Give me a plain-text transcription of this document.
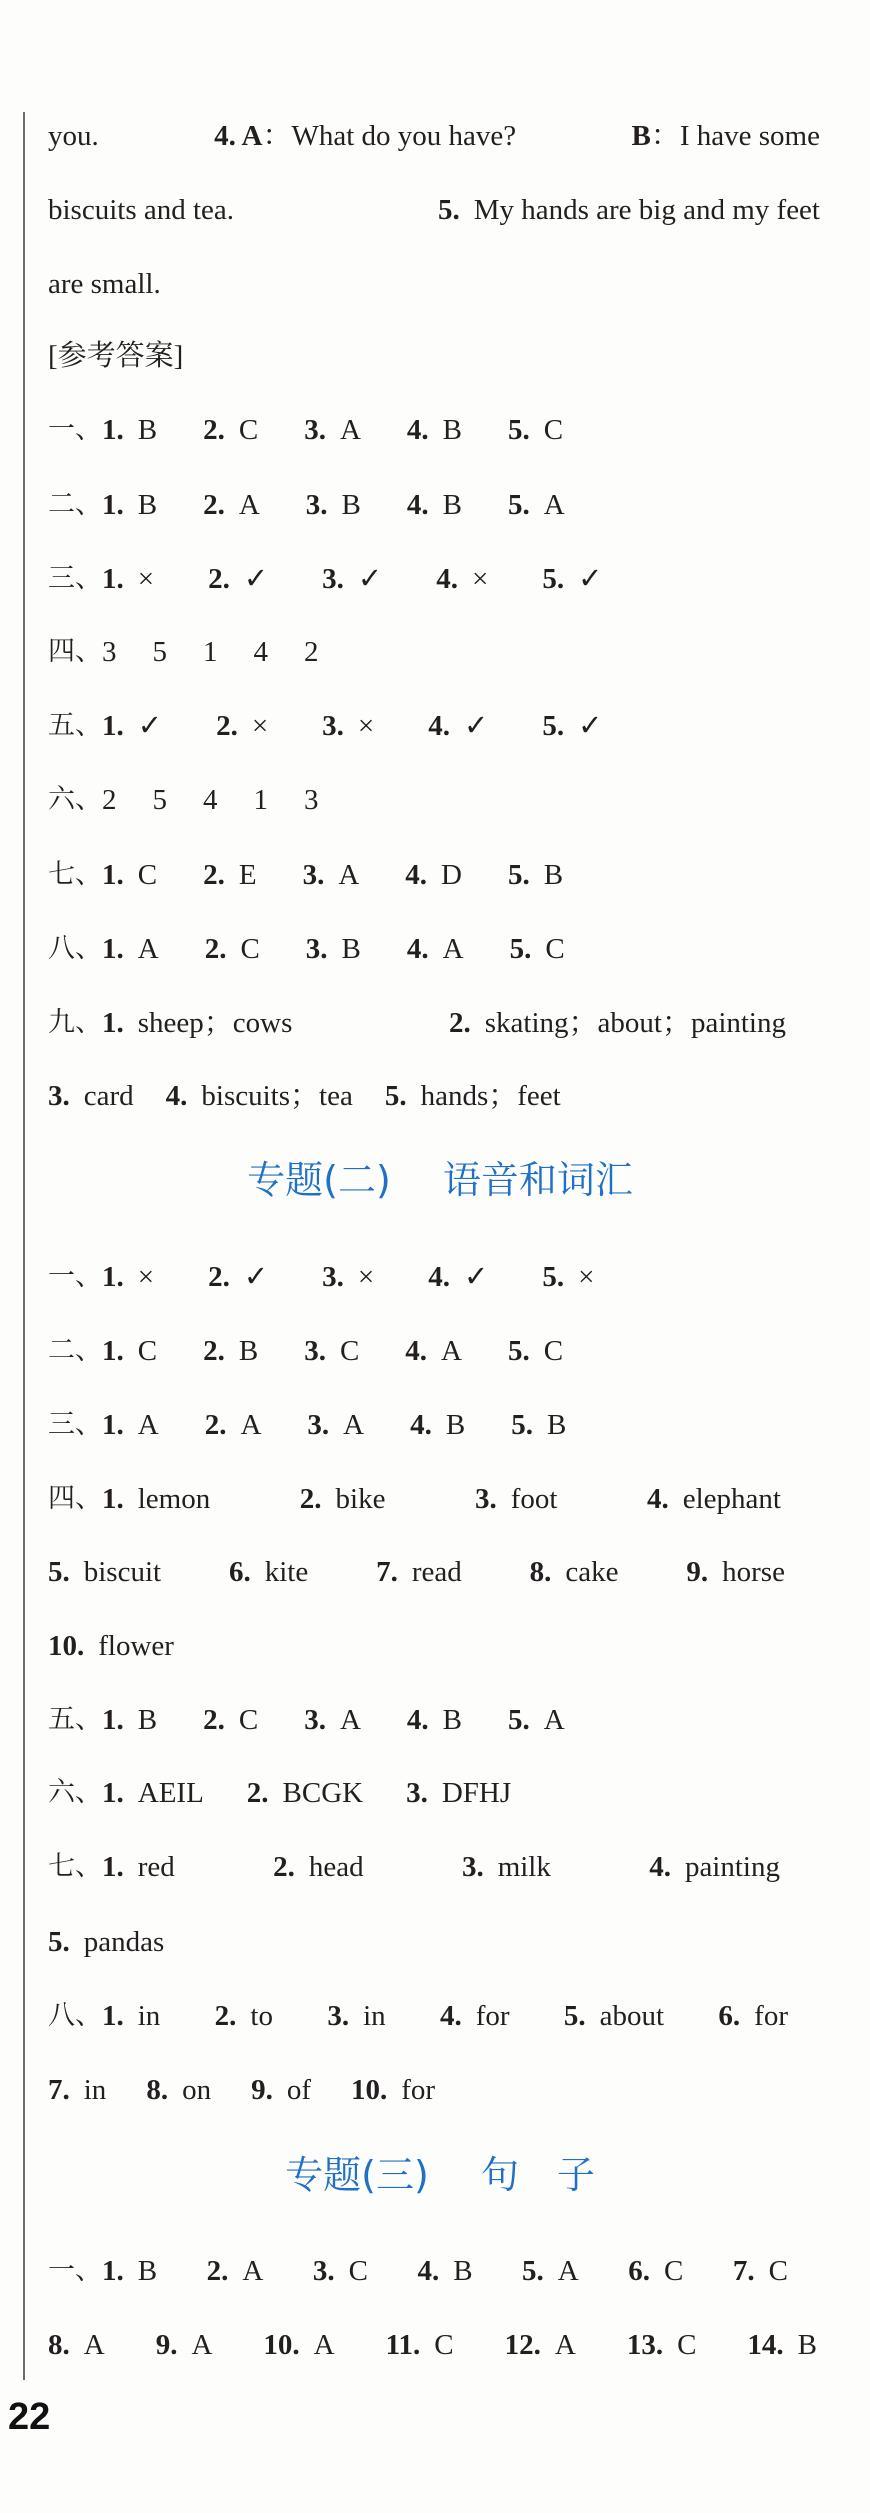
you.	4. A ：What do you have?	B ：I have some
biscuits and tea.	5. My hands are big and my feet
are small.
[参考答案]
一、 1. B 2. C 3. A 4. B 5. C
二、 1. B 2. A 3. B 4. B 5. A
三、 1. × 2. ✓ 3. ✓ 4. × 5. ✓
四、 3 5 1 4 2
五、 1. ✓ 2. × 3. × 4. ✓ 5. ✓
六、 2 5 4 1 3
七、 1. C 2. E 3. A 4. D 5. B
八、 1. A 2. C 3. B 4. A 5. C
九、 1. sheep；cows	2. skating；about；painting
3. card 4. biscuits；tea 5. hands；feet
专题(二) 语音和词汇
一、 1. × 2. ✓ 3. × 4. ✓ 5. ×
二、 1. C 2. B 3. C 4. A 5. C
三、 1. A 2. A 3. A 4. B 5. B
四、 1. lemon	2. bike	3. foot	4. elephant
5. biscuit 6. kite 7. read 8. cake 9. horse
10. flower
五、 1. B 2. C 3. A 4. B 5. A
六、 1. AEIL 2. BCGK 3. DFHJ
七、 1. red	2. head	3. milk	4. painting
5. pandas
八、 1. in 2. to 3. in 4. for 5. about 6. for
7. in 8. on 9. of 10. for
专题(三) 句　子
一、 1. B 2. A 3. C 4. B 5. A 6. C 7. C
8. A 9. A 10. A 11. C 12. A 13. C 14. B
22
